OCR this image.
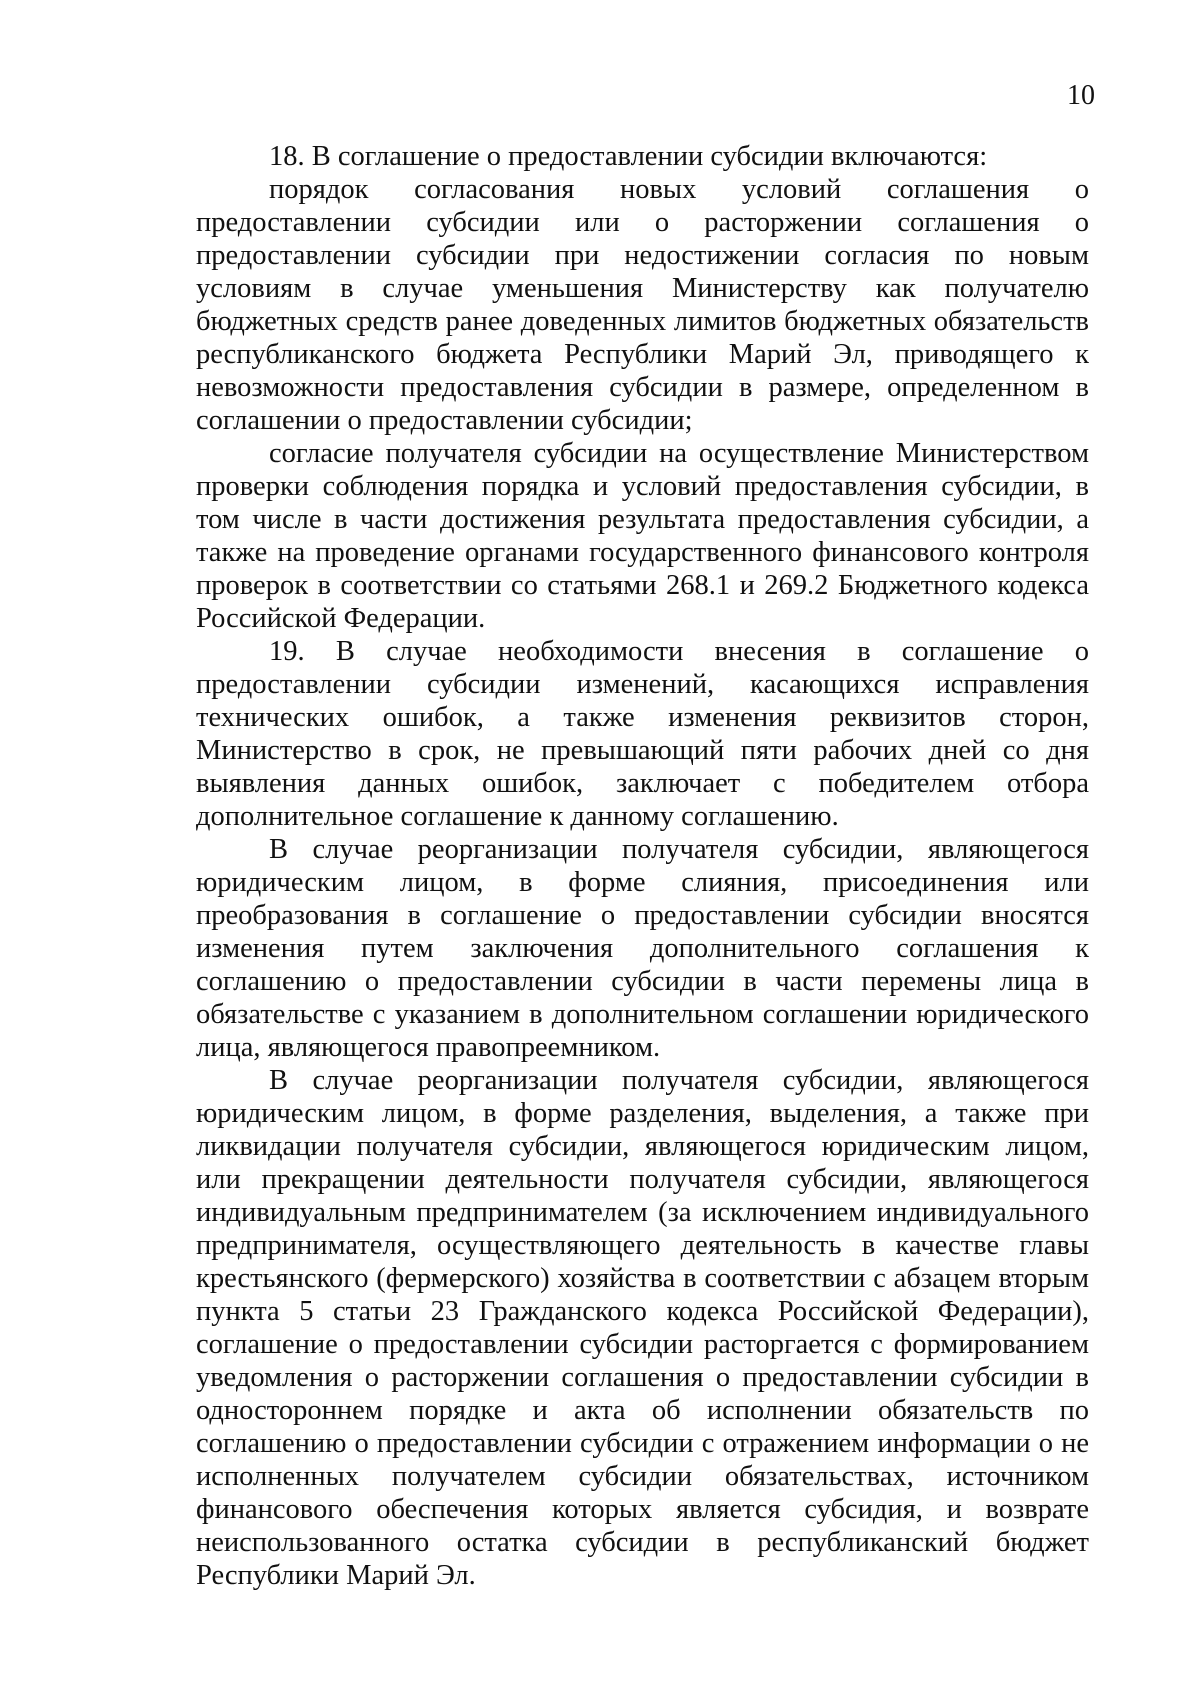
10

18. В соглашение о предоставлении субсидии включаются:

порядок согласования новых условий соглашения о предоставлении субсидии или о расторжении соглашения о предоставлении субсидии при недостижении согласия по новым условиям в случае уменьшения Министерству как получателю бюджетных средств ранее доведенных лимитов бюджетных обязательств республиканского бюджета Республики Марий Эл, приводящего к невозможности предоставления субсидии в размере, определенном в соглашении о предоставлении субсидии;

согласие получателя субсидии на осуществление Министерством проверки соблюдения порядка и условий предоставления субсидии, в том числе в части достижения результата предоставления субсидии, а также на проведение органами государственного финансового контроля проверок в соответствии со статьями 268.1 и 269.2 Бюджетного кодекса Российской Федерации.

19. В случае необходимости внесения в соглашение о предоставлении субсидии изменений, касающихся исправления технических ошибок, а также изменения реквизитов сторон, Министерство в срок, не превышающий пяти рабочих дней со дня выявления данных ошибок, заключает с победителем отбора дополнительное соглашение к данному соглашению.

В случае реорганизации получателя субсидии, являющегося юридическим лицом, в форме слияния, присоединения или преобразования в соглашение о предоставлении субсидии вносятся изменения путем заключения дополнительного соглашения к соглашению о предоставлении субсидии в части перемены лица в обязательстве с указанием в дополнительном соглашении юридического лица, являющегося правопреемником.

В случае реорганизации получателя субсидии, являющегося юридическим лицом, в форме разделения, выделения, а также при ликвидации получателя субсидии, являющегося юридическим лицом, или прекращении деятельности получателя субсидии, являющегося индивидуальным предпринимателем (за исключением индивидуального предпринимателя, осуществляющего деятельность в качестве главы крестьянского (фермерского) хозяйства в соответствии с абзацем вторым пункта 5 статьи 23 Гражданского кодекса Российской Федерации), соглашение о предоставлении субсидии расторгается с формированием уведомления о расторжении соглашения о предоставлении субсидии в одностороннем порядке и акта об исполнении обязательств по соглашению о предоставлении субсидии с отражением информации о не исполненных получателем субсидии обязательствах, источником финансового обеспечения которых является субсидия, и возврате неиспользованного остатка субсидии в республиканский бюджет Республики Марий Эл.
